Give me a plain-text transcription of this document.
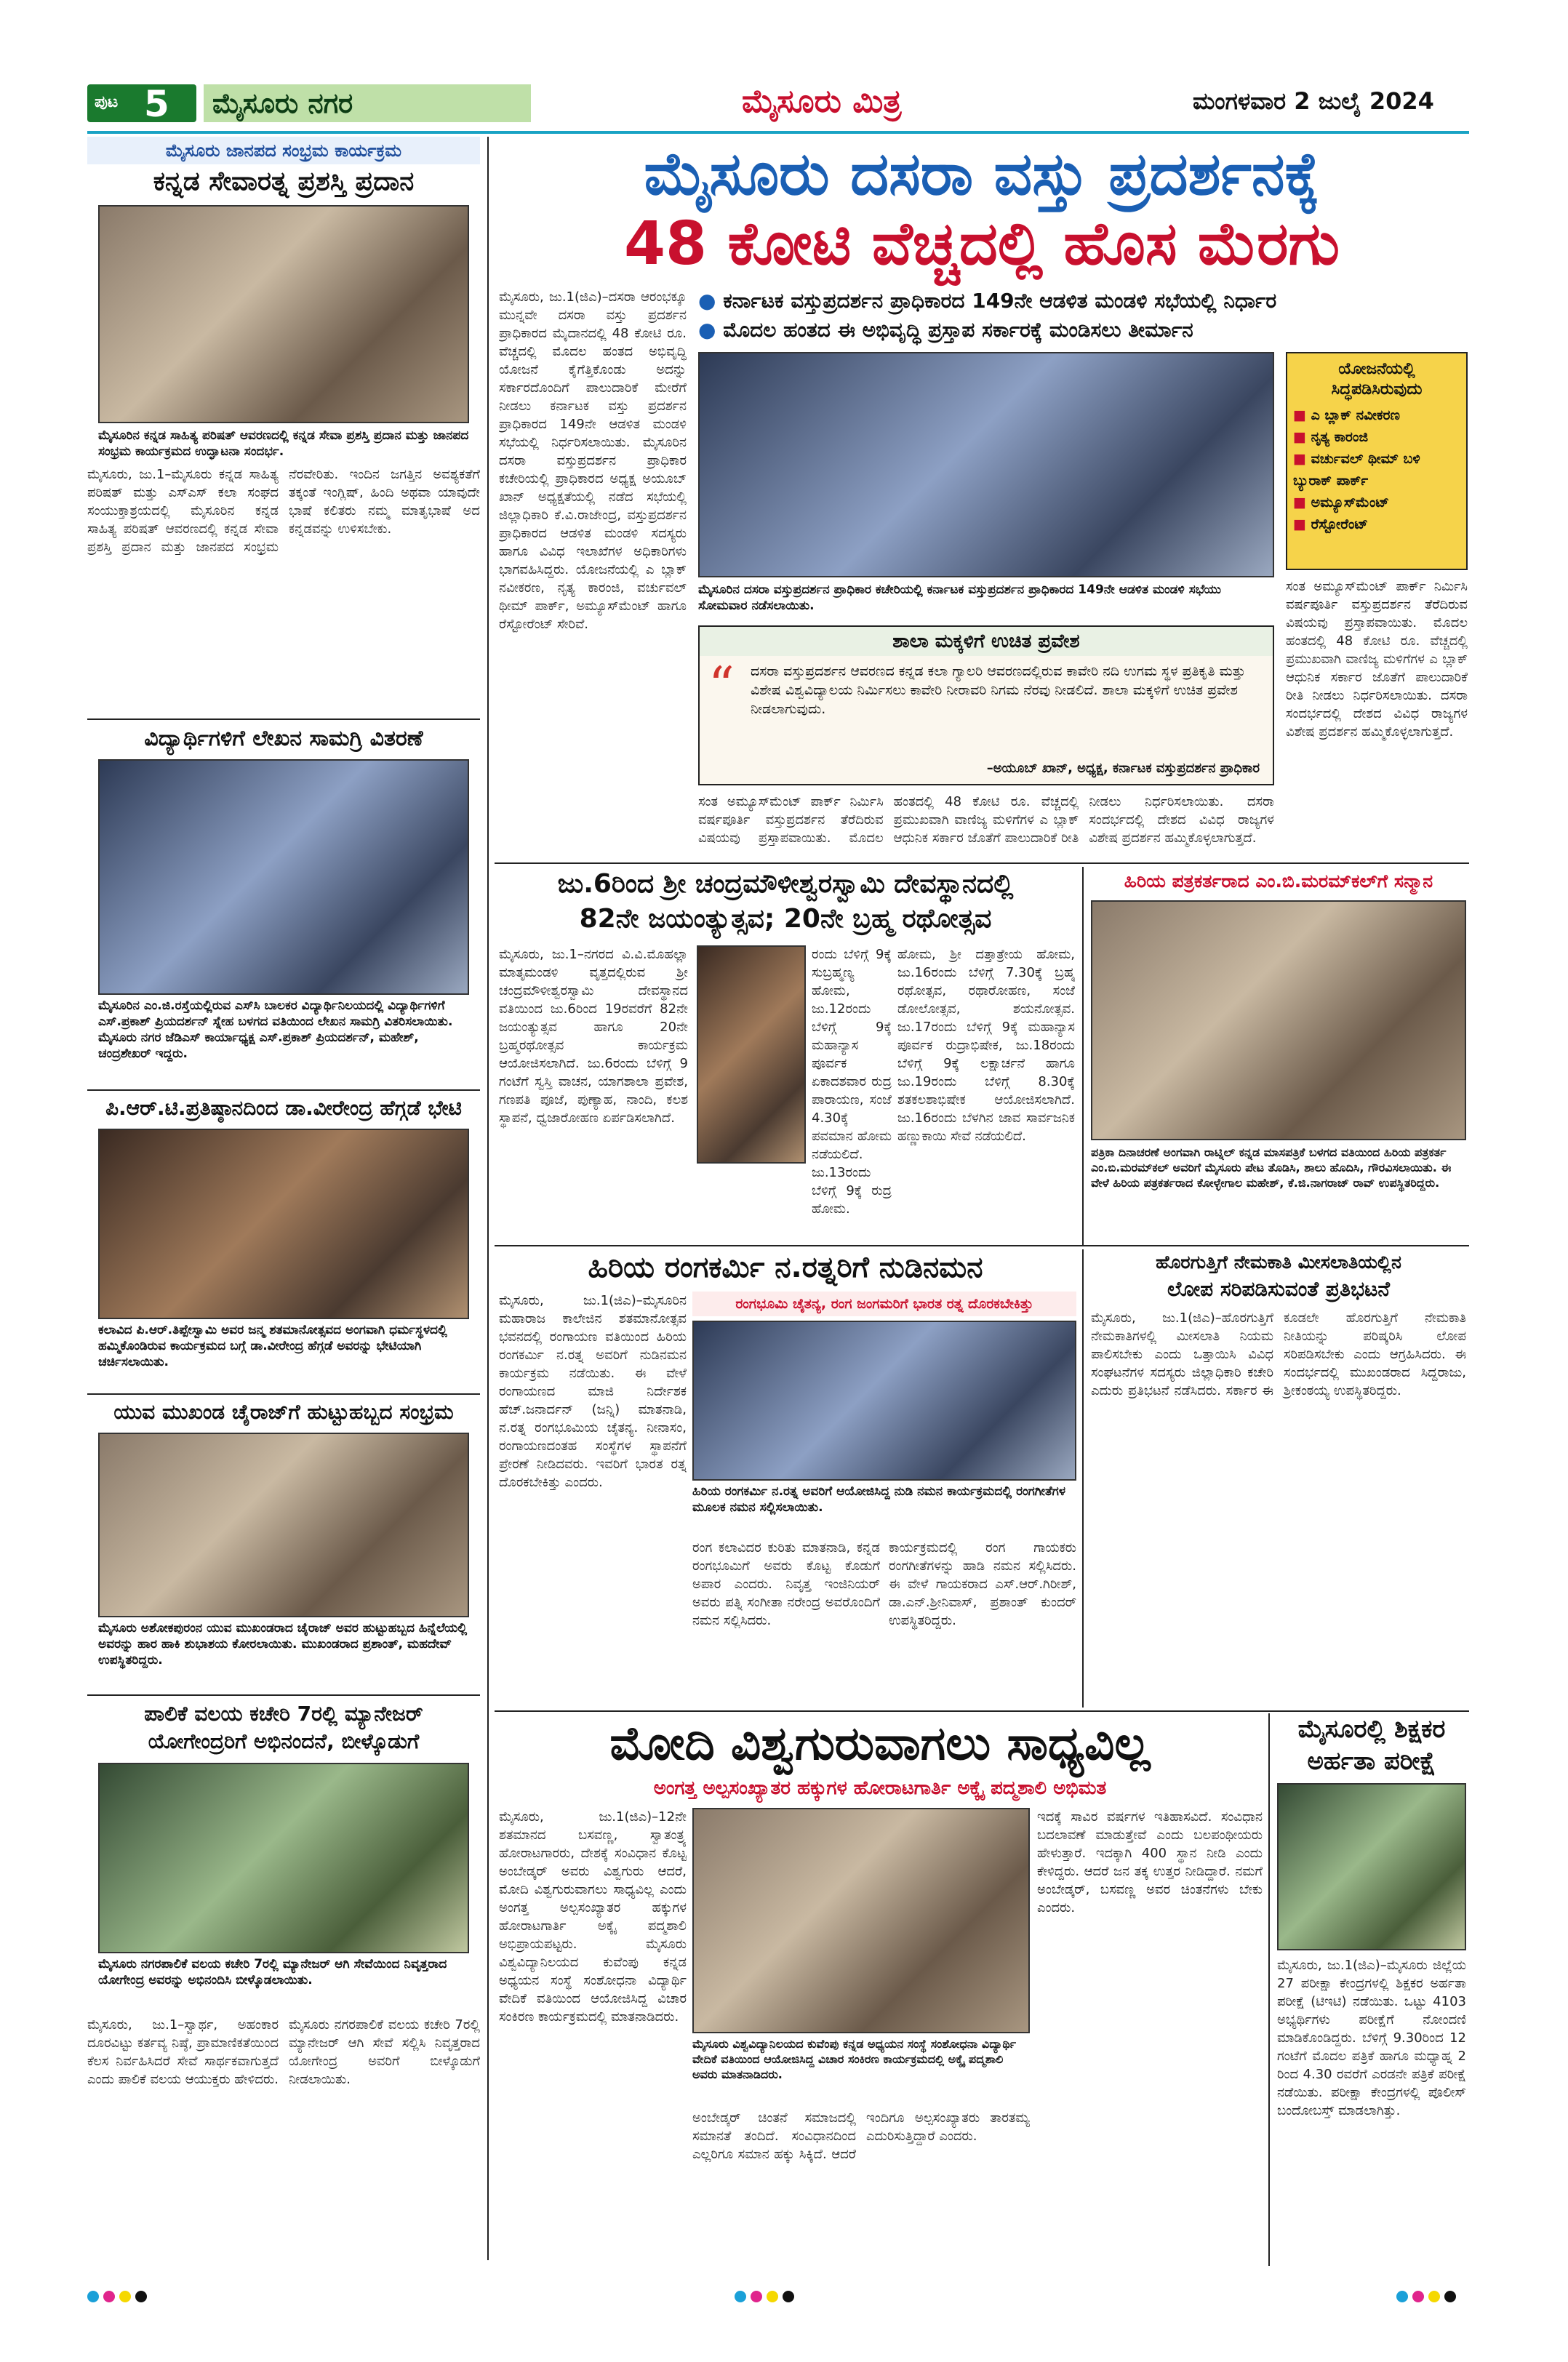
ಪುಟ 5	ಮೈಸೂರು ನಗರ	ಮೈಸೂರು ಮಿತ್ರ	ಮಂಗಳವಾರ 2 ಜುಲೈ 2024
ಮೈಸೂರು ಜಾನಪದ ಸಂಭ್ರಮ ಕಾರ್ಯಕ್ರಮ
ಕನ್ನಡ ಸೇವಾರತ್ನ ಪ್ರಶಸ್ತಿ ಪ್ರದಾನ
ಮೈಸೂರಿನ ಕನ್ನಡ ಸಾಹಿತ್ಯ ಪರಿಷತ್ ಆವರಣದಲ್ಲಿ ಕನ್ನಡ ಸೇವಾ ಪ್ರಶಸ್ತಿ ಪ್ರದಾನ ಮತ್ತು ಜಾನಪದ ಸಂಭ್ರಮ ಕಾರ್ಯಕ್ರಮದ ಉದ್ಘಾಟನಾ ಸಂದರ್ಭ.
ಮೈಸೂರು, ಜು.1–ಮೈಸೂರು ಕನ್ನಡ ಸಾಹಿತ್ಯ ಪರಿಷತ್ ಮತ್ತು ಎಸ್‌ಎಸ್ ಕಲಾ ಸಂಘದ ಸಂಯುಕ್ತಾಶ್ರಯದಲ್ಲಿ ಮೈಸೂರಿನ ಕನ್ನಡ ಸಾಹಿತ್ಯ ಪರಿಷತ್ ಆವರಣದಲ್ಲಿ ಕನ್ನಡ ಸೇವಾ ಪ್ರಶಸ್ತಿ ಪ್ರದಾನ ಮತ್ತು ಜಾನಪದ ಸಂಭ್ರಮ ನೆರವೇರಿತು. ಇಂದಿನ ಜಗತ್ತಿನ ಅವಶ್ಯಕತೆಗೆ ತಕ್ಕಂತೆ ಇಂಗ್ಲಿಷ್, ಹಿಂದಿ ಅಥವಾ ಯಾವುದೇ ಭಾಷೆ ಕಲಿತರು ನಮ್ಮ ಮಾತೃಭಾಷೆ ಅದ ಕನ್ನಡವನ್ನು ಉಳಿಸಬೇಕು.
ವಿದ್ಯಾರ್ಥಿಗಳಿಗೆ ಲೇಖನ ಸಾಮಗ್ರಿ ವಿತರಣೆ
ಮೈಸೂರಿನ ಎಂ.ಜಿ.ರಸ್ತೆಯಲ್ಲಿರುವ ಎಸ್‌ಸಿ ಬಾಲಕರ ವಿದ್ಯಾರ್ಥಿನಿಲಯದಲ್ಲಿ ವಿದ್ಯಾರ್ಥಿಗಳಿಗೆ ಎಸ್.ಪ್ರಕಾಶ್ ಪ್ರಿಯದರ್ಶನ್ ಸ್ನೇಹ ಬಳಗದ ವತಿಯಿಂದ ಲೇಖನ ಸಾಮಗ್ರಿ ವಿತರಿಸಲಾಯಿತು. ಮೈಸೂರು ನಗರ ಜೆಡಿಎಸ್ ಕಾರ್ಯಾಧ್ಯಕ್ಷ ಎಸ್.ಪ್ರಕಾಶ್ ಪ್ರಿಯದರ್ಶನ್, ಮಹೇಶ್, ಚಂದ್ರಶೇಖರ್ ಇದ್ದರು.
ಪಿ.ಆರ್.ಟಿ.ಪ್ರತಿಷ್ಠಾನದಿಂದ ಡಾ.ವೀರೇಂದ್ರ ಹೆಗ್ಗಡೆ ಭೇಟಿ
ಕಲಾವಿದ ಪಿ.ಆರ್.ತಿಪ್ಪೇಸ್ವಾಮಿ ಅವರ ಜನ್ಮ ಶತಮಾನೋತ್ಸವದ ಅಂಗವಾಗಿ ಧರ್ಮಸ್ಥಳದಲ್ಲಿ ಹಮ್ಮಿಕೊಂಡಿರುವ ಕಾರ್ಯಕ್ರಮದ ಬಗ್ಗೆ ಡಾ.ವೀರೇಂದ್ರ ಹೆಗ್ಗಡೆ ಅವರನ್ನು ಭೇಟಿಯಾಗಿ ಚರ್ಚಿಸಲಾಯಿತು.
ಯುವ ಮುಖಂಡ ಚೈರಾಜ್‌ಗೆ ಹುಟ್ಟುಹಬ್ಬದ ಸಂಭ್ರಮ
ಮೈಸೂರು ಅಶೋಕಪುರಂನ ಯುವ ಮುಖಂಡರಾದ ಚೈರಾಜ್ ಅವರ ಹುಟ್ಟುಹಬ್ಬದ ಹಿನ್ನೆಲೆಯಲ್ಲಿ ಅವರನ್ನು ಹಾರ ಹಾಕಿ ಶುಭಾಶಯ ಕೋರಲಾಯಿತು. ಮುಖಂಡರಾದ ಪ್ರಶಾಂತ್, ಮಹದೇವ್ ಉಪಸ್ಥಿತರಿದ್ದರು.
ಪಾಲಿಕೆ ವಲಯ ಕಚೇರಿ 7ರಲ್ಲಿ ಮ್ಯಾನೇಜರ್
ಯೋಗೇಂದ್ರರಿಗೆ ಅಭಿನಂದನೆ, ಬೀಳ್ಕೊಡುಗೆ
ಮೈಸೂರು ನಗರಪಾಲಿಕೆ ವಲಯ ಕಚೇರಿ 7ರಲ್ಲಿ ಮ್ಯಾನೇಜರ್ ಆಗಿ ಸೇವೆಯಿಂದ ನಿವೃತ್ತರಾದ ಯೋಗೇಂದ್ರ ಅವರನ್ನು ಅಭಿನಂದಿಸಿ ಬೀಳ್ಕೊಡಲಾಯಿತು.
ಮೈಸೂರು, ಜು.1–ಸ್ವಾರ್ಥ, ಅಹಂಕಾರ ದೂರವಿಟ್ಟು ಕರ್ತವ್ಯ ನಿಷ್ಠೆ, ಪ್ರಾಮಾಣಿಕತೆಯಿಂದ ಕೆಲಸ ನಿರ್ವಹಿಸಿದರೆ ಸೇವೆ ಸಾರ್ಥಕವಾಗುತ್ತದೆ ಎಂದು ಪಾಲಿಕೆ ವಲಯ ಆಯುಕ್ತರು ಹೇಳಿದರು. ಮೈಸೂರು ನಗರಪಾಲಿಕೆ ವಲಯ ಕಚೇರಿ 7ರಲ್ಲಿ ಮ್ಯಾನೇಜರ್ ಆಗಿ ಸೇವೆ ಸಲ್ಲಿಸಿ ನಿವೃತ್ತರಾದ ಯೋಗೇಂದ್ರ ಅವರಿಗೆ ಬೀಳ್ಕೊಡುಗೆ ನೀಡಲಾಯಿತು.
ಮೈಸೂರು ದಸರಾ ವಸ್ತು ಪ್ರದರ್ಶನಕ್ಕೆ
48 ಕೋಟಿ ವೆಚ್ಚದಲ್ಲಿ ಹೊಸ ಮೆರಗು
ಮೈಸೂರು, ಜು.1(ಜಿಎ)–ದಸರಾ ಆರಂಭಕ್ಕೂ ಮುನ್ನವೇ ದಸರಾ ವಸ್ತು ಪ್ರದರ್ಶನ ಪ್ರಾಧಿಕಾರದ ಮೈದಾನದಲ್ಲಿ 48 ಕೋಟಿ ರೂ. ವೆಚ್ಚದಲ್ಲಿ ಮೊದಲ ಹಂತದ ಅಭಿವೃದ್ಧಿ ಯೋಜನೆ ಕೈಗೆತ್ತಿಕೊಂಡು ಅದನ್ನು ಸರ್ಕಾರದೊಂದಿಗೆ ಪಾಲುದಾರಿಕೆ ಮೇರೆಗೆ ನೀಡಲು ಕರ್ನಾಟಕ ವಸ್ತು ಪ್ರದರ್ಶನ ಪ್ರಾಧಿಕಾರದ 149ನೇ ಆಡಳಿತ ಮಂಡಳಿ ಸಭೆಯಲ್ಲಿ ನಿರ್ಧರಿಸಲಾಯಿತು. ಮೈಸೂರಿನ ದಸರಾ ವಸ್ತುಪ್ರದರ್ಶನ ಪ್ರಾಧಿಕಾರ ಕಚೇರಿಯಲ್ಲಿ ಪ್ರಾಧಿಕಾರದ ಅಧ್ಯಕ್ಷ ಅಯೂಬ್ ಖಾನ್ ಅಧ್ಯಕ್ಷತೆಯಲ್ಲಿ ನಡೆದ ಸಭೆಯಲ್ಲಿ ಜಿಲ್ಲಾಧಿಕಾರಿ ಕೆ.ವಿ.ರಾಜೇಂದ್ರ, ವಸ್ತುಪ್ರದರ್ಶನ ಪ್ರಾಧಿಕಾರದ ಆಡಳಿತ ಮಂಡಳಿ ಸದಸ್ಯರು ಹಾಗೂ ವಿವಿಧ ಇಲಾಖೆಗಳ ಅಧಿಕಾರಿಗಳು ಭಾಗವಹಿಸಿದ್ದರು. ಯೋಜನೆಯಲ್ಲಿ ಎ ಬ್ಲಾಕ್ ನವೀಕರಣ, ನೃತ್ಯ ಕಾರಂಜಿ, ವರ್ಚುವಲ್ ಥೀಮ್ ಪಾರ್ಕ್, ಅಮ್ಯೂಸ್‌ಮೆಂಟ್ ಹಾಗೂ ರೆಸ್ಟೋರೆಂಟ್ ಸೇರಿವೆ.
● ಕರ್ನಾಟಕ ವಸ್ತುಪ್ರದರ್ಶನ ಪ್ರಾಧಿಕಾರದ 149ನೇ ಆಡಳಿತ ಮಂಡಳಿ ಸಭೆಯಲ್ಲಿ ನಿರ್ಧಾರ
● ಮೊದಲ ಹಂತದ ಈ ಅಭಿವೃದ್ಧಿ ಪ್ರಸ್ತಾಪ ಸರ್ಕಾರಕ್ಕೆ ಮಂಡಿಸಲು ತೀರ್ಮಾನ
ಮೈಸೂರಿನ ದಸರಾ ವಸ್ತುಪ್ರದರ್ಶನ ಪ್ರಾಧಿಕಾರ ಕಚೇರಿಯಲ್ಲಿ ಕರ್ನಾಟಕ ವಸ್ತುಪ್ರದರ್ಶನ ಪ್ರಾಧಿಕಾರದ 149ನೇ ಆಡಳಿತ ಮಂಡಳಿ ಸಭೆಯು ಸೋಮವಾರ ನಡೆಸಲಾಯಿತು.
ಯೋಜನೆಯಲ್ಲಿ ಸಿದ್ಧಪಡಿಸಿರುವುದು
■ ಎ ಬ್ಲಾಕ್ ನವೀಕರಣ
■ ನೃತ್ಯ ಕಾರಂಜಿ
■ ವರ್ಚುವಲ್ ಥೀಮ್ ಬಳಿ ಬ್ಯುರಾಕ್ ಪಾರ್ಕ್
■ ಅಮ್ಯೂಸ್‌ಮೆಂಟ್
■ ರೆಸ್ಟೋರೆಂಟ್
ಸಂತ ಅಮ್ಯೂಸ್‌ಮೆಂಟ್ ಪಾರ್ಕ್ ನಿರ್ಮಿಸಿ ವರ್ಷಪೂರ್ತಿ ವಸ್ತುಪ್ರದರ್ಶನ ತೆರೆದಿರುವ ವಿಷಯವು ಪ್ರಸ್ತಾಪವಾಯಿತು. ಮೊದಲ ಹಂತದಲ್ಲಿ 48 ಕೋಟಿ ರೂ. ವೆಚ್ಚದಲ್ಲಿ ಪ್ರಮುಖವಾಗಿ ವಾಣಿಜ್ಯ ಮಳಿಗೆಗಳ ಎ ಬ್ಲಾಕ್ ಆಧುನಿಕ ಸರ್ಕಾರ ಜೊತೆಗೆ ಪಾಲುದಾರಿಕೆ ರೀತಿ ನೀಡಲು ನಿರ್ಧರಿಸಲಾಯಿತು. ದಸರಾ ಸಂದರ್ಭದಲ್ಲಿ ದೇಶದ ವಿವಿಧ ರಾಜ್ಯಗಳ ವಿಶೇಷ ಪ್ರದರ್ಶನ ಹಮ್ಮಿಕೊಳ್ಳಲಾಗುತ್ತದೆ.
ಶಾಲಾ ಮಕ್ಕಳಿಗೆ ಉಚಿತ ಪ್ರವೇಶ
“ ದಸರಾ ವಸ್ತುಪ್ರದರ್ಶನ ಆವರಣದ ಕನ್ನಡ ಕಲಾ ಗ್ಯಾಲರಿ ಆವರಣದಲ್ಲಿರುವ ಕಾವೇರಿ ನದಿ ಉಗಮ ಸ್ಥಳ ಪ್ರತಿಕೃತಿ ಮತ್ತು ವಿಶೇಷ ವಿಶ್ವವಿದ್ಯಾಲಯ ನಿರ್ಮಿಸಲು ಕಾವೇರಿ ನೀರಾವರಿ ನಿಗಮ ನೆರವು ನೀಡಲಿದೆ. ಶಾಲಾ ಮಕ್ಕಳಿಗೆ ಉಚಿತ ಪ್ರವೇಶ ನೀಡಲಾಗುವುದು.
–ಅಯೂಬ್ ಖಾನ್, ಅಧ್ಯಕ್ಷ, ಕರ್ನಾಟಕ ವಸ್ತುಪ್ರದರ್ಶನ ಪ್ರಾಧಿಕಾರ
ಸಂತ ಅಮ್ಯೂಸ್‌ಮೆಂಟ್ ಪಾರ್ಕ್ ನಿರ್ಮಿಸಿ ವರ್ಷಪೂರ್ತಿ ವಸ್ತುಪ್ರದರ್ಶನ ತೆರೆದಿರುವ ವಿಷಯವು ಪ್ರಸ್ತಾಪವಾಯಿತು. ಮೊದಲ ಹಂತದಲ್ಲಿ 48 ಕೋಟಿ ರೂ. ವೆಚ್ಚದಲ್ಲಿ ಪ್ರಮುಖವಾಗಿ ವಾಣಿಜ್ಯ ಮಳಿಗೆಗಳ ಎ ಬ್ಲಾಕ್ ಆಧುನಿಕ ಸರ್ಕಾರ ಜೊತೆಗೆ ಪಾಲುದಾರಿಕೆ ರೀತಿ ನೀಡಲು ನಿರ್ಧರಿಸಲಾಯಿತು. ದಸರಾ ಸಂದರ್ಭದಲ್ಲಿ ದೇಶದ ವಿವಿಧ ರಾಜ್ಯಗಳ ವಿಶೇಷ ಪ್ರದರ್ಶನ ಹಮ್ಮಿಕೊಳ್ಳಲಾಗುತ್ತದೆ.
ಜು.6ರಿಂದ ಶ್ರೀ ಚಂದ್ರಮೌಳೀಶ್ವರಸ್ವಾಮಿ ದೇವಸ್ಥಾನದಲ್ಲಿ
82ನೇ ಜಯಂತ್ಯುತ್ಸವ; 20ನೇ ಬ್ರಹ್ಮ ರಥೋತ್ಸವ
ಮೈಸೂರು, ಜು.1–ನಗರದ ವಿ.ವಿ.ಮೊಹಲ್ಲಾ ಮಾತೃಮಂಡಳಿ ವೃತ್ತದಲ್ಲಿರುವ ಶ್ರೀ ಚಂದ್ರಮೌಳೀಶ್ವರಸ್ವಾಮಿ ದೇವಸ್ಥಾನದ ವತಿಯಿಂದ ಜು.6ರಿಂದ 19ರವರೆಗೆ 82ನೇ ಜಯಂತ್ಯುತ್ಸವ ಹಾಗೂ 20ನೇ ಬ್ರಹ್ಮರಥೋತ್ಸವ ಕಾರ್ಯಕ್ರಮ ಆಯೋಜಿಸಲಾಗಿದೆ. ಜು.6ರಂದು ಬೆಳಿಗ್ಗೆ 9 ಗಂಟೆಗೆ ಸ್ವಸ್ತಿ ವಾಚನ, ಯಾಗಶಾಲಾ ಪ್ರವೇಶ, ಗಣಪತಿ ಪೂಜೆ, ಪುಣ್ಯಾಹ, ನಾಂದಿ, ಕಲಶ ಸ್ಥಾಪನೆ, ಧ್ವಜಾರೋಹಣ ಏರ್ಪಡಿಸಲಾಗಿದೆ.
ರಂದು ಬೆಳಿಗ್ಗೆ 9ಕ್ಕೆ ಸುಬ್ರಹ್ಮಣ್ಯ ಹೋಮ, ಜು.12ರಂದು ಬೆಳಿಗ್ಗೆ 9ಕ್ಕೆ ಮಹಾನ್ಯಾಸ ಪೂರ್ವಕ ಏಕಾದಶವಾರ ರುದ್ರ ಪಾರಾಯಣ, ಸಂಜೆ 4.30ಕ್ಕೆ ಪವಮಾನ ಹೋಮ ನಡೆಯಲಿದೆ. ಜು.13ರಂದು ಬೆಳಿಗ್ಗೆ 9ಕ್ಕೆ ರುದ್ರ ಹೋಮ.
ಹೋಮ, ಶ್ರೀ ದತ್ತಾತ್ರೇಯ ಹೋಮ, ಜು.16ರಂದು ಬೆಳಿಗ್ಗೆ 7.30ಕ್ಕೆ ಬ್ರಹ್ಮ ರಥೋತ್ಸವ, ರಥಾರೋಹಣ, ಸಂಜೆ ಡೋಲೋತ್ಸವ, ಶಯನೋತ್ಸವ. ಜು.17ರಂದು ಬೆಳಿಗ್ಗೆ 9ಕ್ಕೆ ಮಹಾನ್ಯಾಸ ಪೂರ್ವಕ ರುದ್ರಾಭಿಷೇಕ, ಜು.18ರಂದು ಬೆಳಿಗ್ಗೆ 9ಕ್ಕೆ ಲಕ್ಷಾರ್ಚನೆ ಹಾಗೂ ಜು.19ರಂದು ಬೆಳಿಗ್ಗೆ 8.30ಕ್ಕೆ ಶತಕಲಶಾಭಿಷೇಕ ಆಯೋಜಿಸಲಾಗಿದೆ. ಜು.16ರಂದು ಬೆಳಗಿನ ಜಾವ ಸಾರ್ವಜನಿಕ ಹಣ್ಣುಕಾಯಿ ಸೇವೆ ನಡೆಯಲಿದೆ.
ಹಿರಿಯ ಪತ್ರಕರ್ತರಾದ ಎಂ.ಬಿ.ಮರಮ್‌ಕಲ್‌ಗೆ ಸನ್ಮಾನ
ಪತ್ರಿಕಾ ದಿನಾಚರಣೆ ಅಂಗವಾಗಿ ರಾಟ್ನಿಲ್ ಕನ್ನಡ ಮಾಸಪತ್ರಿಕೆ ಬಳಗದ ವತಿಯಿಂದ ಹಿರಿಯ ಪತ್ರಕರ್ತ ಎಂ.ಬಿ.ಮರಮ್‌ಕಲ್ ಅವರಿಗೆ ಮೈಸೂರು ಪೇಟ ತೊಡಿಸಿ, ಶಾಲು ಹೊದಿಸಿ, ಗೌರವಿಸಲಾಯಿತು. ಈ ವೇಳೆ ಹಿರಿಯ ಪತ್ರಕರ್ತರಾದ ಕೋಳ್ಳೇಗಾಲ ಮಹೇಶ್, ಕೆ.ಜಿ.ನಾಗರಾಜ್ ರಾವ್ ಉಪಸ್ಥಿತರಿದ್ದರು.
ಹಿರಿಯ ರಂಗಕರ್ಮಿ ನ.ರತ್ನರಿಗೆ ನುಡಿನಮನ
ಮೈಸೂರು, ಜು.1(ಜಿಎ)–ಮೈಸೂರಿನ ಮಹಾರಾಜ ಕಾಲೇಜಿನ ಶತಮಾನೋತ್ಸವ ಭವನದಲ್ಲಿ ರಂಗಾಯಣ ವತಿಯಿಂದ ಹಿರಿಯ ರಂಗಕರ್ಮಿ ನ.ರತ್ನ ಅವರಿಗೆ ನುಡಿನಮನ ಕಾರ್ಯಕ್ರಮ ನಡೆಯಿತು. ಈ ವೇಳೆ ರಂಗಾಯಣದ ಮಾಜಿ ನಿರ್ದೇಶಕ ಹೆಚ್.ಜನಾರ್ದನ್ (ಜನ್ನಿ) ಮಾತನಾಡಿ, ನ.ರತ್ನ ರಂಗಭೂಮಿಯ ಚೈತನ್ಯ. ನೀನಾಸಂ, ರಂಗಾಯಣದಂತಹ ಸಂಸ್ಥೆಗಳ ಸ್ಥಾಪನೆಗೆ ಪ್ರೇರಣೆ ನೀಡಿದವರು. ಇವರಿಗೆ ಭಾರತ ರತ್ನ ದೊರಕಬೇಕಿತ್ತು ಎಂದರು.
ರಂಗಭೂಮಿ ಚೈತನ್ಯ, ರಂಗ ಜಂಗಮರಿಗೆ ಭಾರತ ರತ್ನ ದೊರಕಬೇಕಿತ್ತು
ಹಿರಿಯ ರಂಗಕರ್ಮಿ ನ.ರತ್ನ ಅವರಿಗೆ ಆಯೋಜಿಸಿದ್ದ ನುಡಿ ನಮನ ಕಾರ್ಯಕ್ರಮದಲ್ಲಿ ರಂಗಗೀತೆಗಳ ಮೂಲಕ ನಮನ ಸಲ್ಲಿಸಲಾಯಿತು.
ರಂಗ ಕಲಾವಿದರ ಕುರಿತು ಮಾತನಾಡಿ, ಕನ್ನಡ ರಂಗಭೂಮಿಗೆ ಅವರು ಕೊಟ್ಟ ಕೊಡುಗೆ ಅಪಾರ ಎಂದರು. ನಿವೃತ್ತ ಇಂಜಿನಿಯರ್ ಅವರು ಪತ್ನಿ ಸಂಗೀತಾ ನರೇಂದ್ರ ಅವರೊಂದಿಗೆ ನಮನ ಸಲ್ಲಿಸಿದರು.
ಕಾರ್ಯಕ್ರಮದಲ್ಲಿ ರಂಗ ಗಾಯಕರು ರಂಗಗೀತೆಗಳನ್ನು ಹಾಡಿ ನಮನ ಸಲ್ಲಿಸಿದರು. ಈ ವೇಳೆ ಗಾಯಕರಾದ ಎಸ್.ಆರ್.ಗಿರೀಶ್, ಡಾ.ಎನ್.ಶ್ರೀನಿವಾಸ್, ಪ್ರಶಾಂತ್ ಕುಂದರ್ ಉಪಸ್ಥಿತರಿದ್ದರು.
ಹೊರಗುತ್ತಿಗೆ ನೇಮಕಾತಿ ಮೀಸಲಾತಿಯಲ್ಲಿನ
ಲೋಪ ಸರಿಪಡಿಸುವಂತೆ ಪ್ರತಿಭಟನೆ
ಮೈಸೂರು, ಜು.1(ಜಿಎ)–ಹೊರಗುತ್ತಿಗೆ ನೇಮಕಾತಿಗಳಲ್ಲಿ ಮೀಸಲಾತಿ ನಿಯಮ ಪಾಲಿಸಬೇಕು ಎಂದು ಒತ್ತಾಯಿಸಿ ವಿವಿಧ ಸಂಘಟನೆಗಳ ಸದಸ್ಯರು ಜಿಲ್ಲಾಧಿಕಾರಿ ಕಚೇರಿ ಎದುರು ಪ್ರತಿಭಟನೆ ನಡೆಸಿದರು. ಸರ್ಕಾರ ಈ ಕೂಡಲೇ ಹೊರಗುತ್ತಿಗೆ ನೇಮಕಾತಿ ನೀತಿಯನ್ನು ಪರಿಷ್ಕರಿಸಿ ಲೋಪ ಸರಿಪಡಿಸಬೇಕು ಎಂದು ಆಗ್ರಹಿಸಿದರು. ಈ ಸಂದರ್ಭದಲ್ಲಿ ಮುಖಂಡರಾದ ಸಿದ್ದರಾಜು, ಶ್ರೀಕಂಠಯ್ಯ ಉಪಸ್ಥಿತರಿದ್ದರು.
ಮೋದಿ ವಿಶ್ವಗುರುವಾಗಲು ಸಾಧ್ಯವಿಲ್ಲ
ಅಂಗತ್ತ ಅಲ್ಪಸಂಖ್ಯಾತರ ಹಕ್ಕುಗಳ ಹೋರಾಟಗಾರ್ತಿ ಅಕ್ಕೈ ಪದ್ಮಶಾಲಿ ಅಭಿಮತ
ಮೈಸೂರು, ಜು.1(ಜಿಎ)–12ನೇ ಶತಮಾನದ ಬಸವಣ್ಣ, ಸ್ವಾತಂತ್ರ್ಯ ಹೋರಾಟಗಾರರು, ದೇಶಕ್ಕೆ ಸಂವಿಧಾನ ಕೊಟ್ಟ ಅಂಬೇಡ್ಕರ್ ಅವರು ವಿಶ್ವಗುರು ಆದರೆ, ಮೋದಿ ವಿಶ್ವಗುರುವಾಗಲು ಸಾಧ್ಯವಿಲ್ಲ ಎಂದು ಅಂಗತ್ತ ಅಲ್ಪಸಂಖ್ಯಾತರ ಹಕ್ಕುಗಳ ಹೋರಾಟಗಾರ್ತಿ ಅಕ್ಕೈ ಪದ್ಮಶಾಲಿ ಅಭಿಪ್ರಾಯಪಟ್ಟರು. ಮೈಸೂರು ವಿಶ್ವವಿದ್ಯಾನಿಲಯದ ಕುವೆಂಪು ಕನ್ನಡ ಅಧ್ಯಯನ ಸಂಸ್ಥೆ ಸಂಶೋಧನಾ ವಿದ್ಯಾರ್ಥಿ ವೇದಿಕೆ ವತಿಯಿಂದ ಆಯೋಜಿಸಿದ್ದ ವಿಚಾರ ಸಂಕಿರಣ ಕಾರ್ಯಕ್ರಮದಲ್ಲಿ ಮಾತನಾಡಿದರು.
ಮೈಸೂರು ವಿಶ್ವವಿದ್ಯಾನಿಲಯದ ಕುವೆಂಪು ಕನ್ನಡ ಅಧ್ಯಯನ ಸಂಸ್ಥೆ ಸಂಶೋಧನಾ ವಿದ್ಯಾರ್ಥಿ ವೇದಿಕೆ ವತಿಯಿಂದ ಆಯೋಜಿಸಿದ್ದ ವಿಚಾರ ಸಂಕಿರಣ ಕಾರ್ಯಕ್ರಮದಲ್ಲಿ ಅಕ್ಕೈ ಪದ್ಮಶಾಲಿ ಅವರು ಮಾತನಾಡಿದರು.
ಅಂಬೇಡ್ಕರ್ ಚಿಂತನೆ ಸಮಾಜದಲ್ಲಿ ಸಮಾನತೆ ತಂದಿದೆ. ಸಂವಿಧಾನದಿಂದ ಎಲ್ಲರಿಗೂ ಸಮಾನ ಹಕ್ಕು ಸಿಕ್ಕಿದೆ. ಆದರೆ ಇಂದಿಗೂ ಅಲ್ಪಸಂಖ್ಯಾತರು ತಾರತಮ್ಯ ಎದುರಿಸುತ್ತಿದ್ದಾರೆ ಎಂದರು.
ಇದಕ್ಕೆ ಸಾವಿರ ವರ್ಷಗಳ ಇತಿಹಾಸವಿದೆ. ಸಂವಿಧಾನ ಬದಲಾವಣೆ ಮಾಡುತ್ತೇವೆ ಎಂದು ಬಲಪಂಥೀಯರು ಹೇಳುತ್ತಾರೆ. ಇದಕ್ಕಾಗಿ 400 ಸ್ಥಾನ ನೀಡಿ ಎಂದು ಕೇಳಿದ್ದರು. ಆದರೆ ಜನ ತಕ್ಕ ಉತ್ತರ ನೀಡಿದ್ದಾರೆ. ನಮಗೆ ಅಂಬೇಡ್ಕರ್, ಬಸವಣ್ಣ ಅವರ ಚಿಂತನೆಗಳು ಬೇಕು ಎಂದರು.
ಮೈಸೂರಲ್ಲಿ ಶಿಕ್ಷಕರ
ಅರ್ಹತಾ ಪರೀಕ್ಷೆ
ಮೈಸೂರು, ಜು.1(ಜಿಎ)–ಮೈಸೂರು ಜಿಲ್ಲೆಯ 27 ಪರೀಕ್ಷಾ ಕೇಂದ್ರಗಳಲ್ಲಿ ಶಿಕ್ಷಕರ ಅರ್ಹತಾ ಪರೀಕ್ಷೆ (ಟಿಇಟಿ) ನಡೆಯಿತು. ಒಟ್ಟು 4103 ಅಭ್ಯರ್ಥಿಗಳು ಪರೀಕ್ಷೆಗೆ ನೋಂದಣಿ ಮಾಡಿಕೊಂಡಿದ್ದರು. ಬೆಳಿಗ್ಗೆ 9.30ರಿಂದ 12 ಗಂಟೆಗೆ ಮೊದಲ ಪತ್ರಿಕೆ ಹಾಗೂ ಮಧ್ಯಾಹ್ನ 2 ರಿಂದ 4.30 ರವರೆಗೆ ಎರಡನೇ ಪತ್ರಿಕೆ ಪರೀಕ್ಷೆ ನಡೆಯಿತು. ಪರೀಕ್ಷಾ ಕೇಂದ್ರಗಳಲ್ಲಿ ಪೊಲೀಸ್ ಬಂದೋಬಸ್ತ್ ಮಾಡಲಾಗಿತ್ತು.
